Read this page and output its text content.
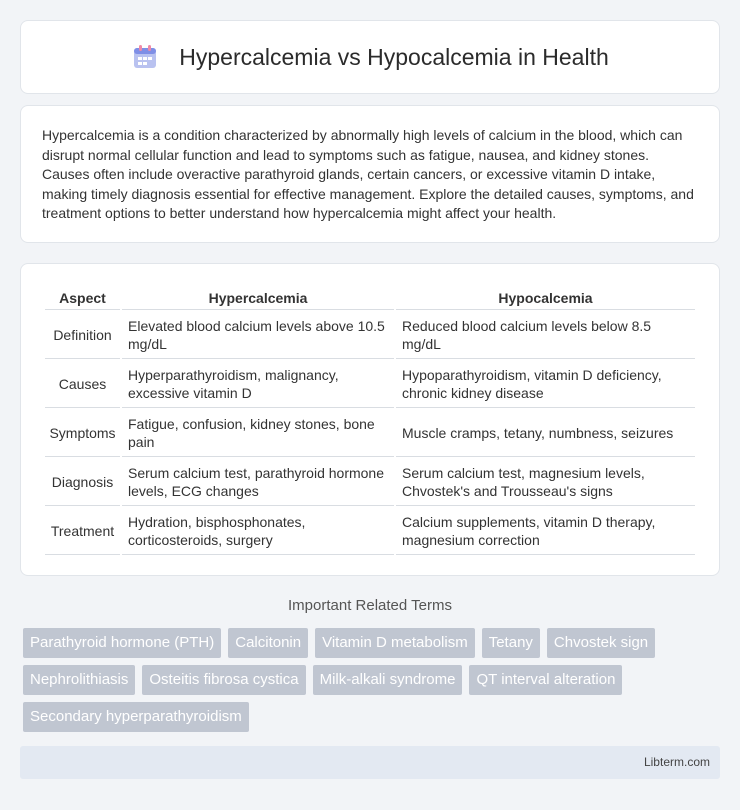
Hypercalcemia vs Hypocalcemia in Health

Hypercalcemia is a condition characterized by abnormally high levels of calcium in the blood, which can disrupt normal cellular function and lead to symptoms such as fatigue, nausea, and kidney stones. Causes often include overactive parathyroid glands, certain cancers, or excessive vitamin D intake, making timely diagnosis essential for effective management. Explore the detailed causes, symptoms, and treatment options to better understand how hypercalcemia might affect your health.

Aspect	Hypercalcemia	Hypocalcemia
Definition	Elevated blood calcium levels above 10.5 mg/dL	Reduced blood calcium levels below 8.5 mg/dL
Causes	Hyperparathyroidism, malignancy, excessive vitamin D	Hypoparathyroidism, vitamin D deficiency, chronic kidney disease
Symptoms	Fatigue, confusion, kidney stones, bone pain	Muscle cramps, tetany, numbness, seizures
Diagnosis	Serum calcium test, parathyroid hormone levels, ECG changes	Serum calcium test, magnesium levels, Chvostek's and Trousseau's signs
Treatment	Hydration, bisphosphonates, corticosteroids, surgery	Calcium supplements, vitamin D therapy, magnesium correction
Important Related Terms
Parathyroid hormone (PTH)	Calcitonin	Vitamin D metabolism	Tetany	Chvostek sign
Nephrolithiasis	Osteitis fibrosa cystica	Milk-alkali syndrome	QT interval alteration
Secondary hyperparathyroidism
Libterm.com
